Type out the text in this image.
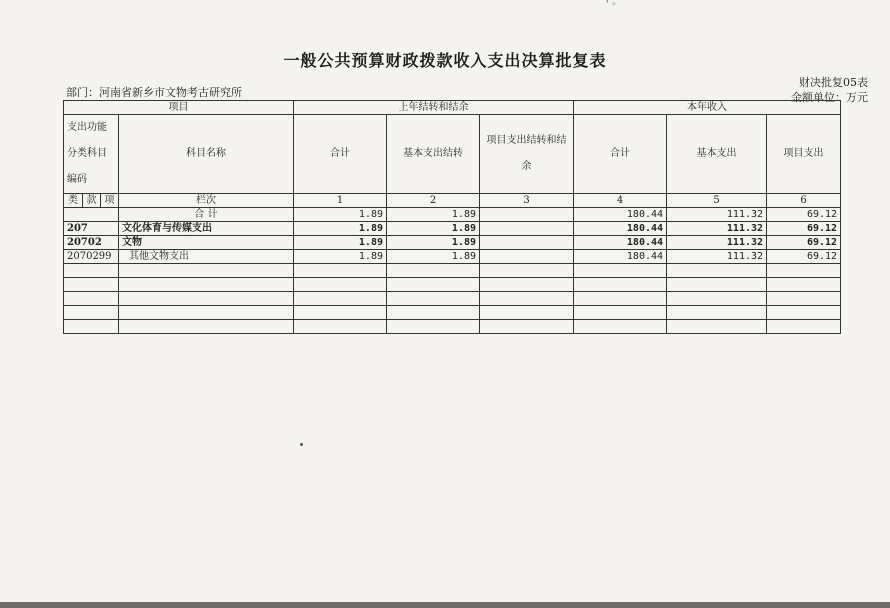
' ◦
一般公共预算财政拨款收入支出决算批复表
部门：河南省新乡市文物考古研究所
财决批复05表
金额单位：万元
项目				上年结转和结余			本年收入		
支出功能分类科目编码			科目名称	合计	基本支出结转	项目支出结转和结余	合计	基本支出	项目支出
类	款	项	栏次	1	2	3	4	5	6
			合 计	1.89	1.89		180.44	111.32	69.12
207			文化体育与传媒支出	1.89	1.89		180.44	111.32	69.12
20702			文物	1.89	1.89		180.44	111.32	69.12
2070299			其他文物支出	1.89	1.89		180.44	111.32	69.12
